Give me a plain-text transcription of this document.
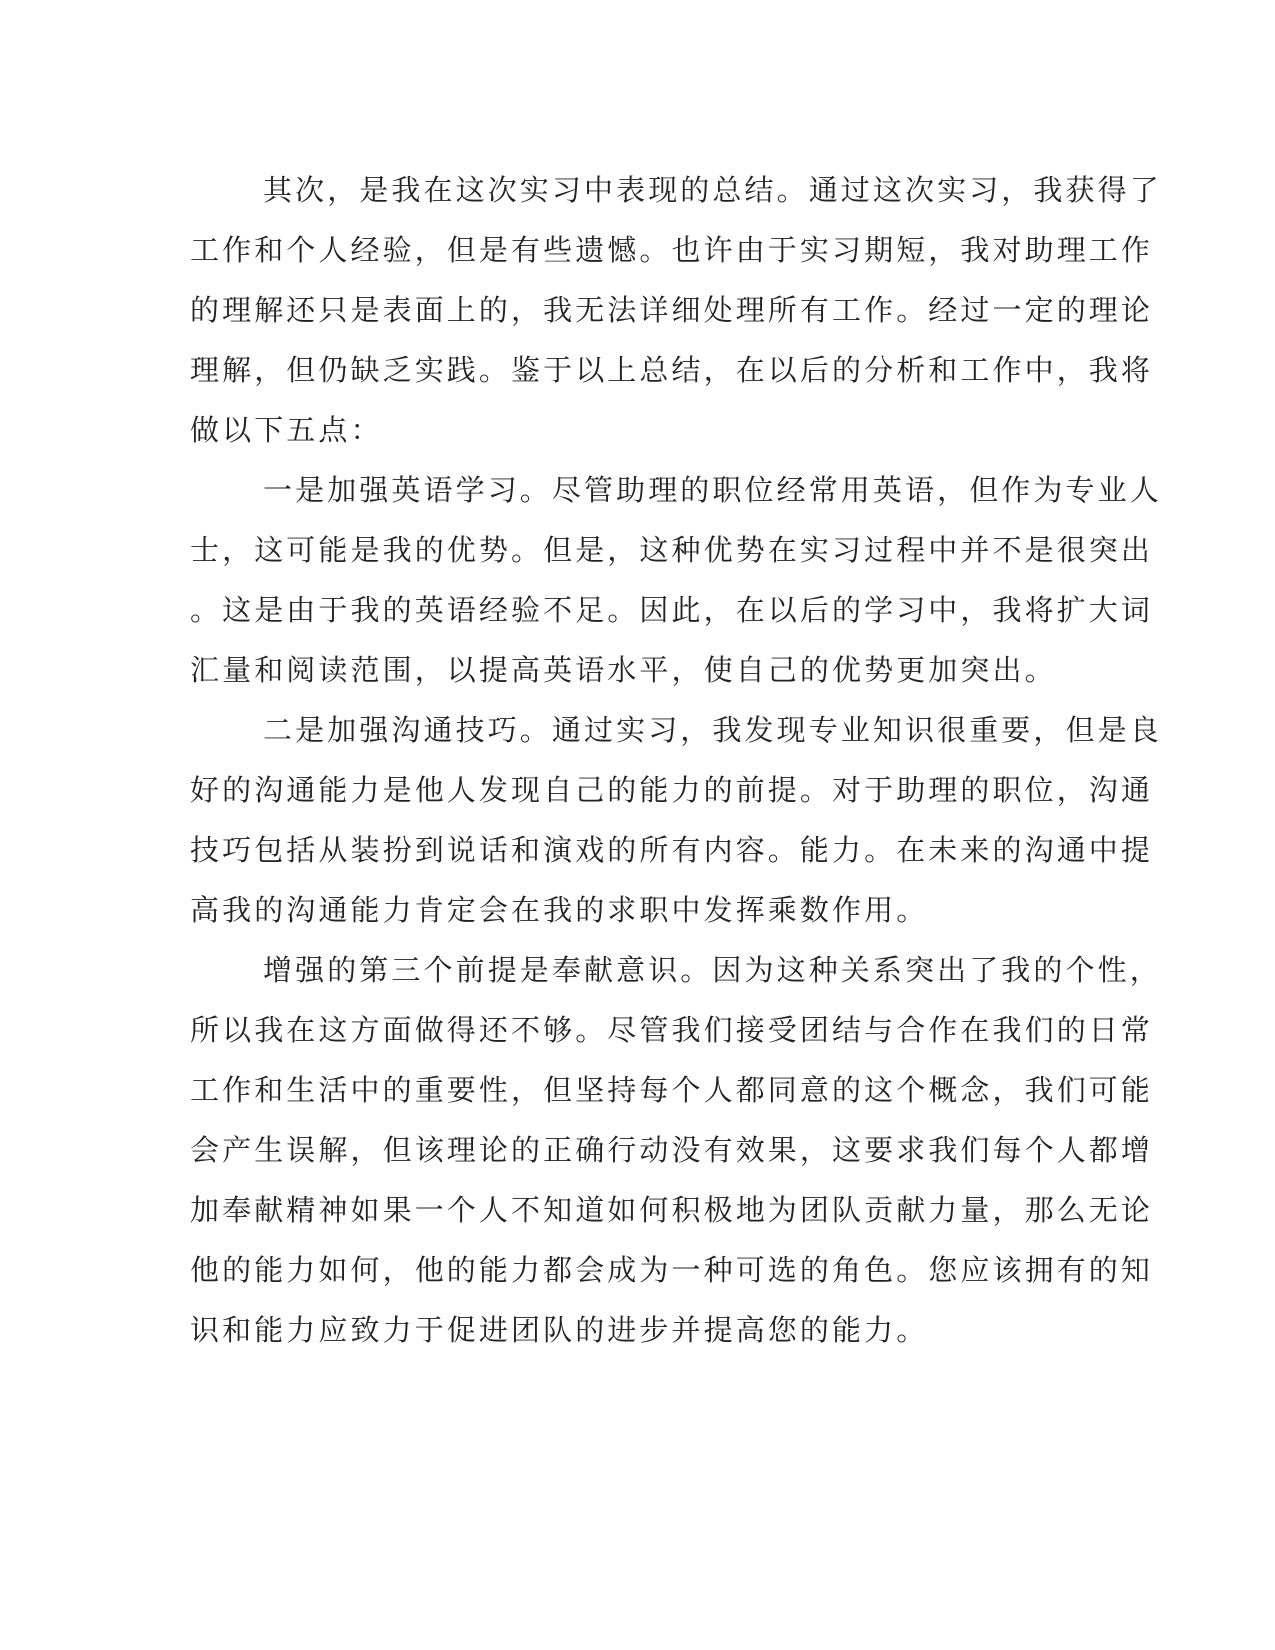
其次，是我在这次实习中表现的总结。通过这次实习，我获得了
工作和个人经验，但是有些遗憾。也许由于实习期短，我对助理工作
的理解还只是表面上的，我无法详细处理所有工作。经过一定的理论
理解，但仍缺乏实践。鉴于以上总结，在以后的分析和工作中，我将
做以下五点：
一是加强英语学习。尽管助理的职位经常用英语，但作为专业人
士，这可能是我的优势。但是，这种优势在实习过程中并不是很突出
。这是由于我的英语经验不足。因此，在以后的学习中，我将扩大词
汇量和阅读范围，以提高英语水平，使自己的优势更加突出。
二是加强沟通技巧。通过实习，我发现专业知识很重要，但是良
好的沟通能力是他人发现自己的能力的前提。对于助理的职位，沟通
技巧包括从装扮到说话和演戏的所有内容。能力。在未来的沟通中提
高我的沟通能力肯定会在我的求职中发挥乘数作用。
增强的第三个前提是奉献意识。因为这种关系突出了我的个性，
所以我在这方面做得还不够。尽管我们接受团结与合作在我们的日常
工作和生活中的重要性，但坚持每个人都同意的这个概念，我们可能
会产生误解，但该理论的正确行动没有效果，这要求我们每个人都增
加奉献精神如果一个人不知道如何积极地为团队贡献力量，那么无论
他的能力如何，他的能力都会成为一种可选的角色。您应该拥有的知
识和能力应致力于促进团队的进步并提高您的能力。
